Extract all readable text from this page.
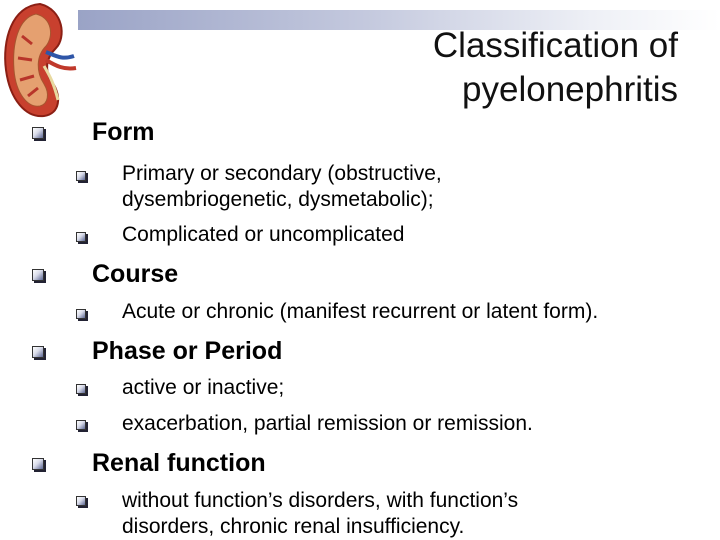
Classification of
pyelonephritis
Form
Primary or secondary (obstructive,
dysembriogenetic, dysmetabolic);
Complicated or uncomplicated
Course
Acute or chronic (manifest recurrent or latent form).
Phase or Period
active or inactive;
exacerbation, partial remission or remission.
Renal function
without function’s disorders, with function’s
disorders, chronic renal insufficiency.
